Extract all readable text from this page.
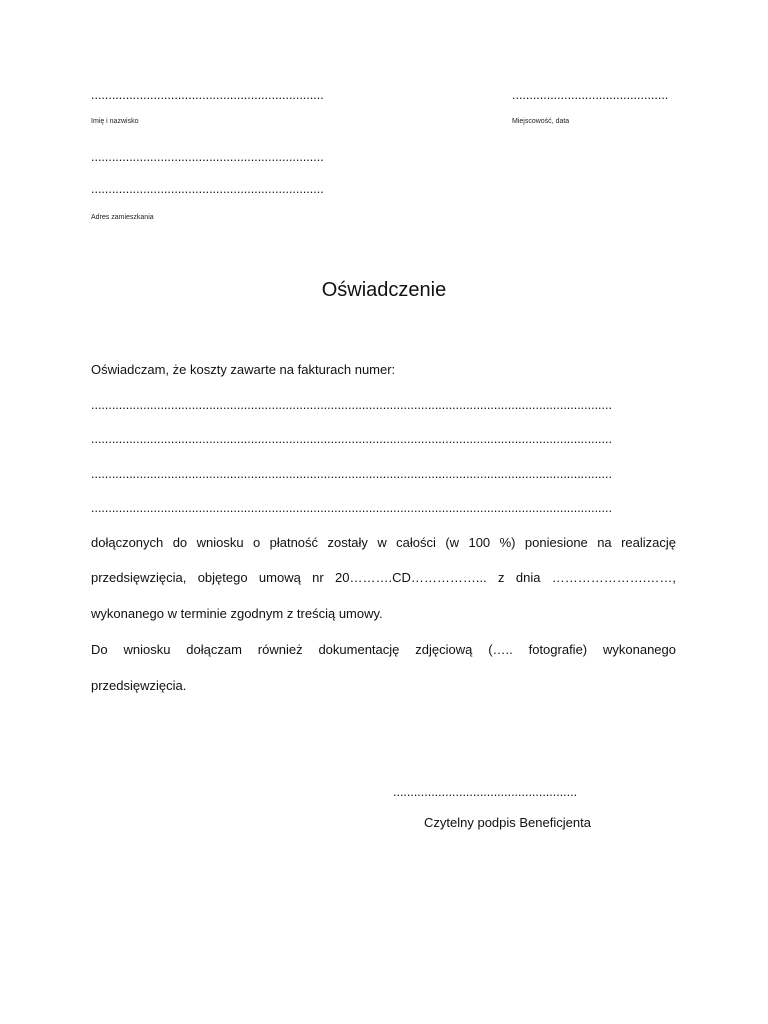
...................................................................
Imię i nazwisko
.............................................
Miejscowość, data
...................................................................
...................................................................
Adres zamieszkania
Oświadczenie
Oświadczam, że koszty zawarte na fakturach numer:
......................................................................................................................................................
......................................................................................................................................................
......................................................................................................................................................
......................................................................................................................................................
dołączonych do wniosku o płatność zostały w całości (w 100 %) poniesione na realizację
przedsięwzięcia, objętego umową nr 20……….CD……………... z dnia ………………….……,
wykonanego w terminie zgodnym z treścią umowy.
Do wniosku dołączam również dokumentację zdjęciową (….. fotografie) wykonanego
przedsięwzięcia.
.....................................................
Czytelny podpis Beneficjenta
